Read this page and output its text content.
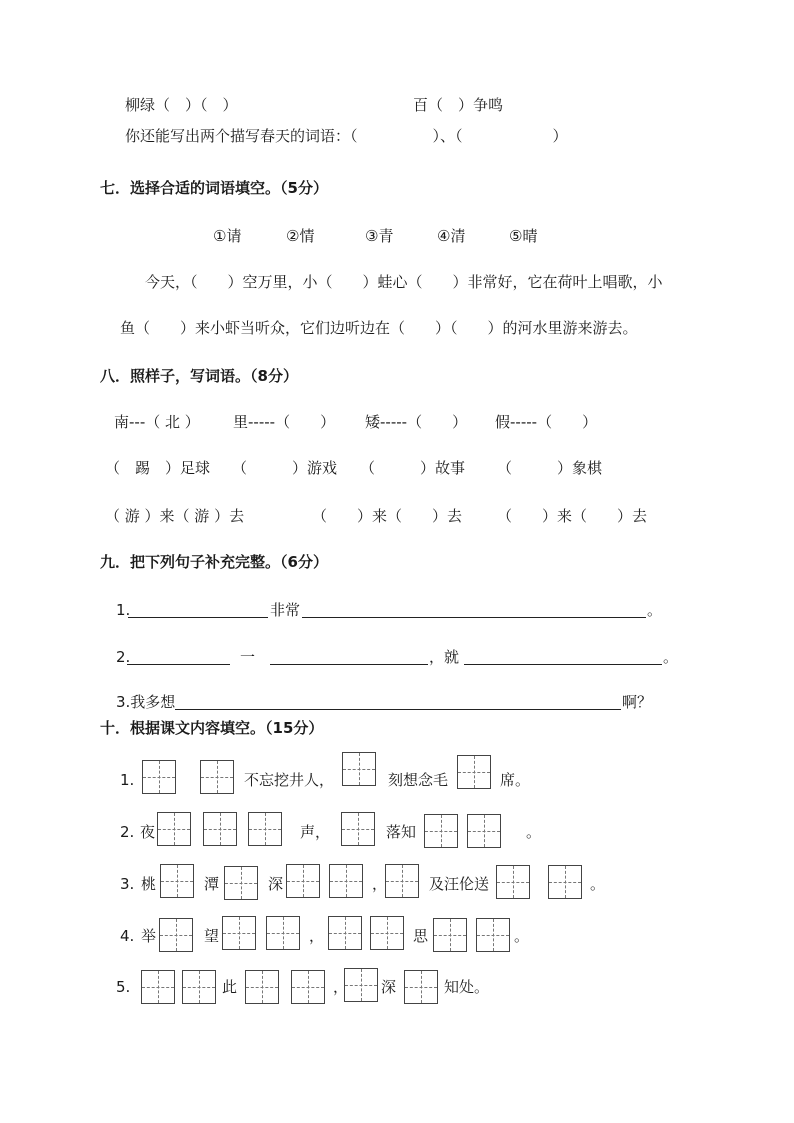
柳绿（　）（　）	百（　）争鸣
你还能写出两个描写春天的词语：（　　　　　）、（　　　　　　）
七．选择合适的词语填空。（5分）
①请	②情	③青	④清	⑤晴
今天，（　　）空万里，小（　　）蛙心（　　）非常好，它在荷叶上唱歌，小
鱼（　　）来小虾当听众，它们边听边在（　　）（　　）的河水里游来游去。
八．照样子，写词语。（8分）
南---（ 北 ） 里-----（　　） 矮-----（　　） 假-----（　　）
（　踢　）足球 （　　　）游戏 （　　　）故事 （　　　）象棋
（ 游 ）来（ 游 ）去	（　　）来（　　）去 （　　）来（　　）去
九．把下列句子补充完整。（6分）
1.	非常	。
2.	一	，就	。
3.我多想	啊？
十．根据课文内容填空。（15分）
1.	不忘挖井人，	刻想念毛	席。
2. 夜	声，	落知	。
3. 桃	潭	深	，	及汪伦送	。
4. 举	望	，	思	。
5.	此	， 深	知处。
